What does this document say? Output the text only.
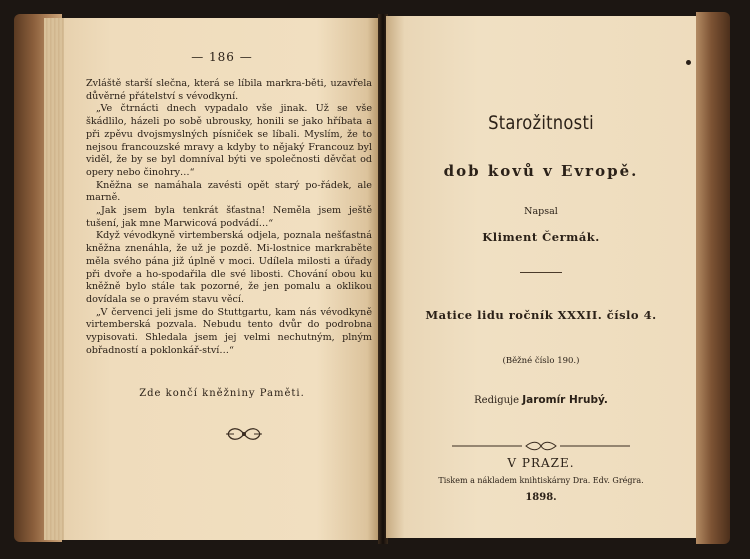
— 186 —

Zvláště starší slečna, která se líbila markra-běti, uzavřela důvěrné přátelství s vévodkyní.

„Ve čtrnácti dnech vypadalo vše jinak. Už se vše škádlilo, házeli po sobě ubrousky, honili se jako hříbata a při zpěvu dvojsmyslných písniček se líbali. Myslím, že to nejsou francouzské mravy a kdyby to nějaký Francouz byl viděl, že by se byl domníval býti ve společnosti děvčat od opery nebo činohry…“

Kněžna se namáhala zavésti opět starý po-řádek, ale marně.

„Jak jsem byla tenkrát šťastna! Neměla jsem ještě tušení, jak mne Marwicová podvádí…“

Když vévodkyně virtemberská odjela, poznala nešťastná kněžna znenáhla, že už je pozdě. Mi-lostnice markraběte měla svého pána již úplně v moci. Udílela milosti a úřady při dvoře a ho-spodařila dle své libosti. Chování obou ku kněžně bylo stále tak pozorné, že jen pomalu a oklikou dovídala se o pravém stavu věcí.

„V červenci jeli jsme do Stuttgartu, kam nás vévodkyně virtemberská pozvala. Nebudu tento dvůr do podrobna vypisovati. Shledala jsem jej velmi nechutným, plným obřadností a poklonkář-ství…“

Zde končí kněžniny Paměti.
Starožitnosti
dob kovů v Evropě.
Napsal
Kliment Čermák.
Matice lidu ročník XXXII. číslo 4.
(Běžné číslo 190.)
Rediguje Jaromír Hrubý.
V PRAZE.
Tiskem a nákladem knihtiskárny Dra. Edv. Grégra.
1898.
